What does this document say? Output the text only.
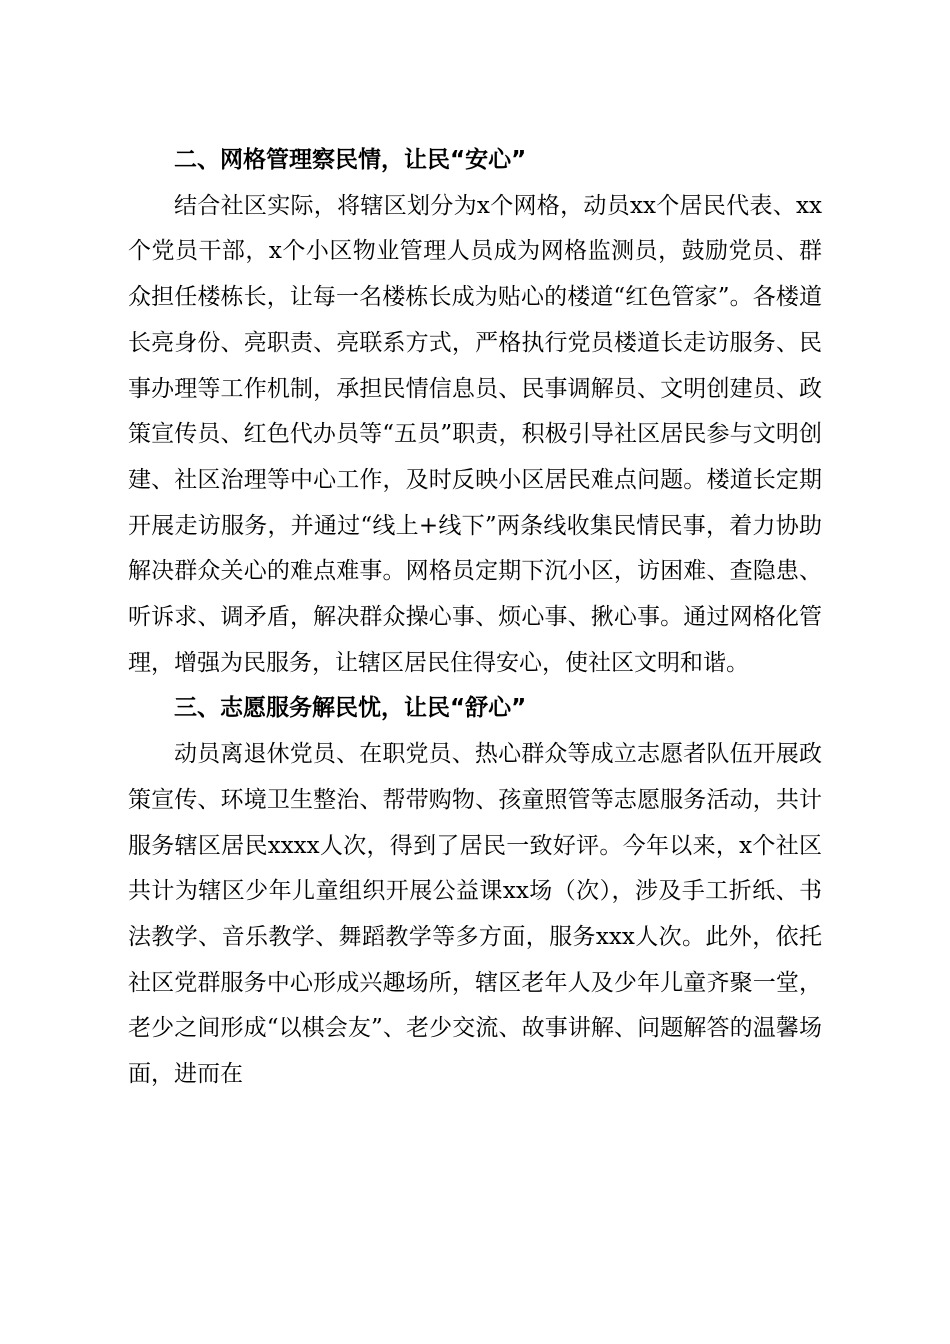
二、网格管理察民情，让民“安心”

结合社区实际，将辖区划分为x个网格，动员xx个居民代表、xx个党员干部，x个小区物业管理人员成为网格监测员，鼓励党员、群众担任楼栋长，让每一名楼栋长成为贴心的楼道“红色管家”。各楼道长亮身份、亮职责、亮联系方式，严格执行党员楼道长走访服务、民事办理等工作机制，承担民情信息员、民事调解员、文明创建员、政策宣传员、红色代办员等“五员”职责，积极引导社区居民参与文明创建、社区治理等中心工作，及时反映小区居民难点问题。楼道长定期开展走访服务，并通过“线上+线下”两条线收集民情民事，着力协助解决群众关心的难点难事。网格员定期下沉小区，访困难、查隐患、听诉求、调矛盾，解决群众操心事、烦心事、揪心事。通过网格化管理，增强为民服务，让辖区居民住得安心，使社区文明和谐。

三、志愿服务解民忧，让民“舒心”

动员离退休党员、在职党员、热心群众等成立志愿者队伍开展政策宣传、环境卫生整治、帮带购物、孩童照管等志愿服务活动，共计服务辖区居民xxxx人次，得到了居民一致好评。今年以来，x个社区共计为辖区少年儿童组织开展公益课xx场（次），涉及手工折纸、书法教学、音乐教学、舞蹈教学等多方面，服务xxx人次。此外，依托社区党群服务中心形成兴趣场所，辖区老年人及少年儿童齐聚一堂，老少之间形成“以棋会友”、老少交流、故事讲解、问题解答的温馨场面，进而在
